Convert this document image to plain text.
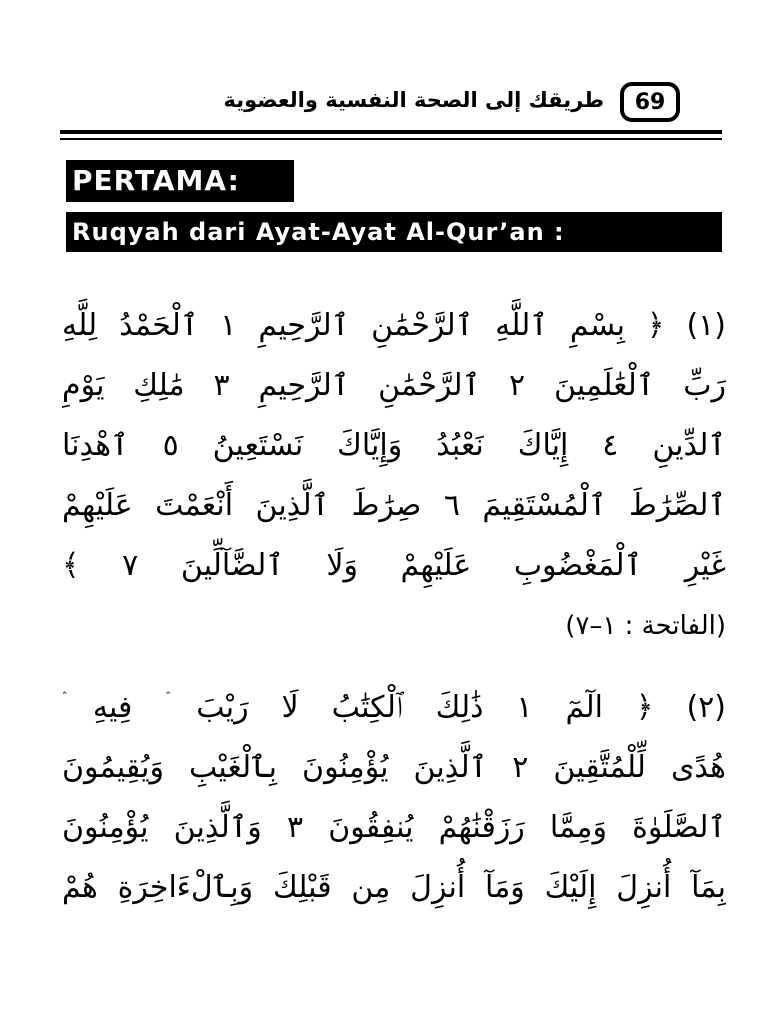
69
طريقك إلى الصحة النفسية والعضوية
PERTAMA:
Ruqyah dari Ayat-Ayat Al-Qur’an :
(١) ﴿ بِسْمِ ٱللَّهِ ٱلرَّحْمَٰنِ ٱلرَّحِيمِ ١ ٱلْحَمْدُ لِلَّهِ
رَبِّ ٱلْعَٰلَمِينَ ٢ ٱلرَّحْمَٰنِ ٱلرَّحِيمِ ٣ مَٰلِكِ يَوْمِ
ٱلدِّينِ ٤ إِيَّاكَ نَعْبُدُ وَإِيَّاكَ نَسْتَعِينُ ٥ ٱهْدِنَا
ٱلصِّرَٰطَ ٱلْمُسْتَقِيمَ ٦ صِرَٰطَ ٱلَّذِينَ أَنْعَمْتَ عَلَيْهِمْ
غَيْرِ ٱلْمَغْضُوبِ عَلَيْهِمْ وَلَا ٱلضَّآلِّينَ ٧ ﴾
(الفاتحة : ١–٧)
(٢) ﴿ الٓمٓ ١ ذَٰلِكَ ٱلْكِتَٰبُ لَا رَيْبَ ۛ فِيهِ ۛ
هُدًى لِّلْمُتَّقِينَ ٢ ٱلَّذِينَ يُؤْمِنُونَ بِٱلْغَيْبِ وَيُقِيمُونَ
ٱلصَّلَوٰةَ وَمِمَّا رَزَقْنَٰهُمْ يُنفِقُونَ ٣ وَٱلَّذِينَ يُؤْمِنُونَ
بِمَآ أُنزِلَ إِلَيْكَ وَمَآ أُنزِلَ مِن قَبْلِكَ وَبِٱلْءَاخِرَةِ هُمْ
